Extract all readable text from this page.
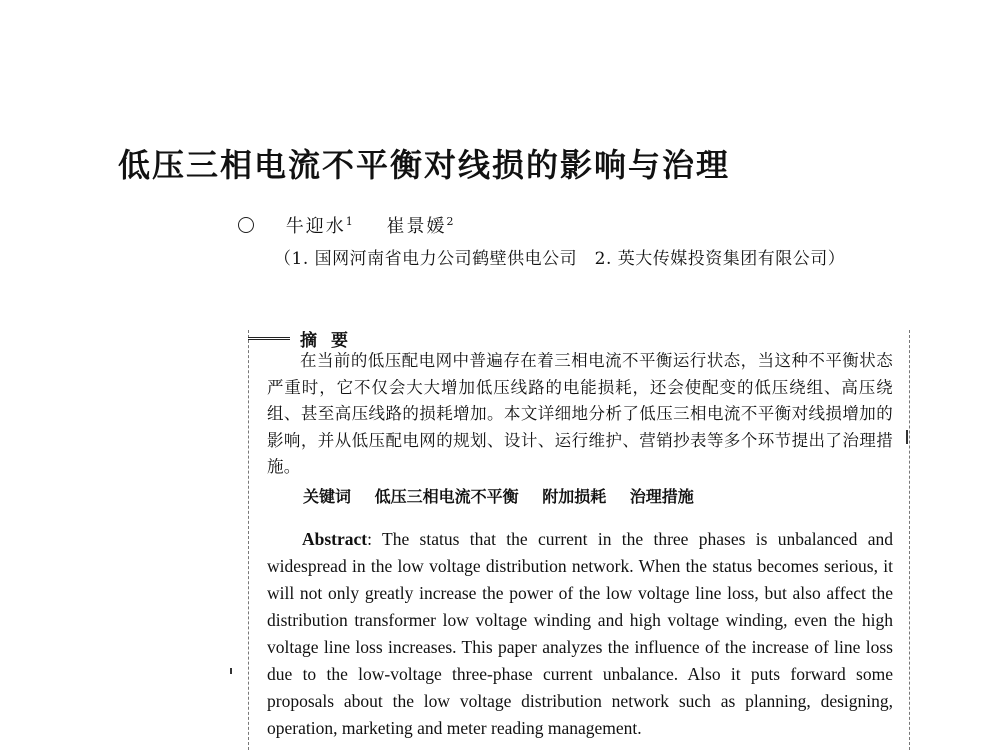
低压三相电流不平衡对线损的影响与治理
牛迎水$^1$ 崔景媛$^2$
（1. 国网河南省电力公司鹤壁供电公司　2. 英大传媒投资集团有限公司）
摘要
在当前的低压配电网中普遍存在着三相电流不平衡运行状态，当这种不平衡状态严重时，它不仅会大大增加低压线路的电能损耗，还会使配变的低压绕组、高压绕组、甚至高压线路的损耗增加。本文详细地分析了低压三相电流不平衡对线损增加的影响，并从低压配电网的规划、设计、运行维护、营销抄表等多个环节提出了治理措施。
关键词 低压三相电流不平衡 附加损耗 治理措施
Abstract: The status that the current in the three phases is unbalanced and widespread in the low voltage distribution network. When the status becomes serious, it will not only greatly increase the power of the low voltage line loss, but also affect the distribution transformer low voltage winding and high voltage winding, even the high voltage line loss increases. This paper analyzes the influence of the increase of line loss due to the low-voltage three-phase current unbalance. Also it puts forward some proposals about the low voltage distribution network such as planning, designing, operation, marketing and meter reading management.
